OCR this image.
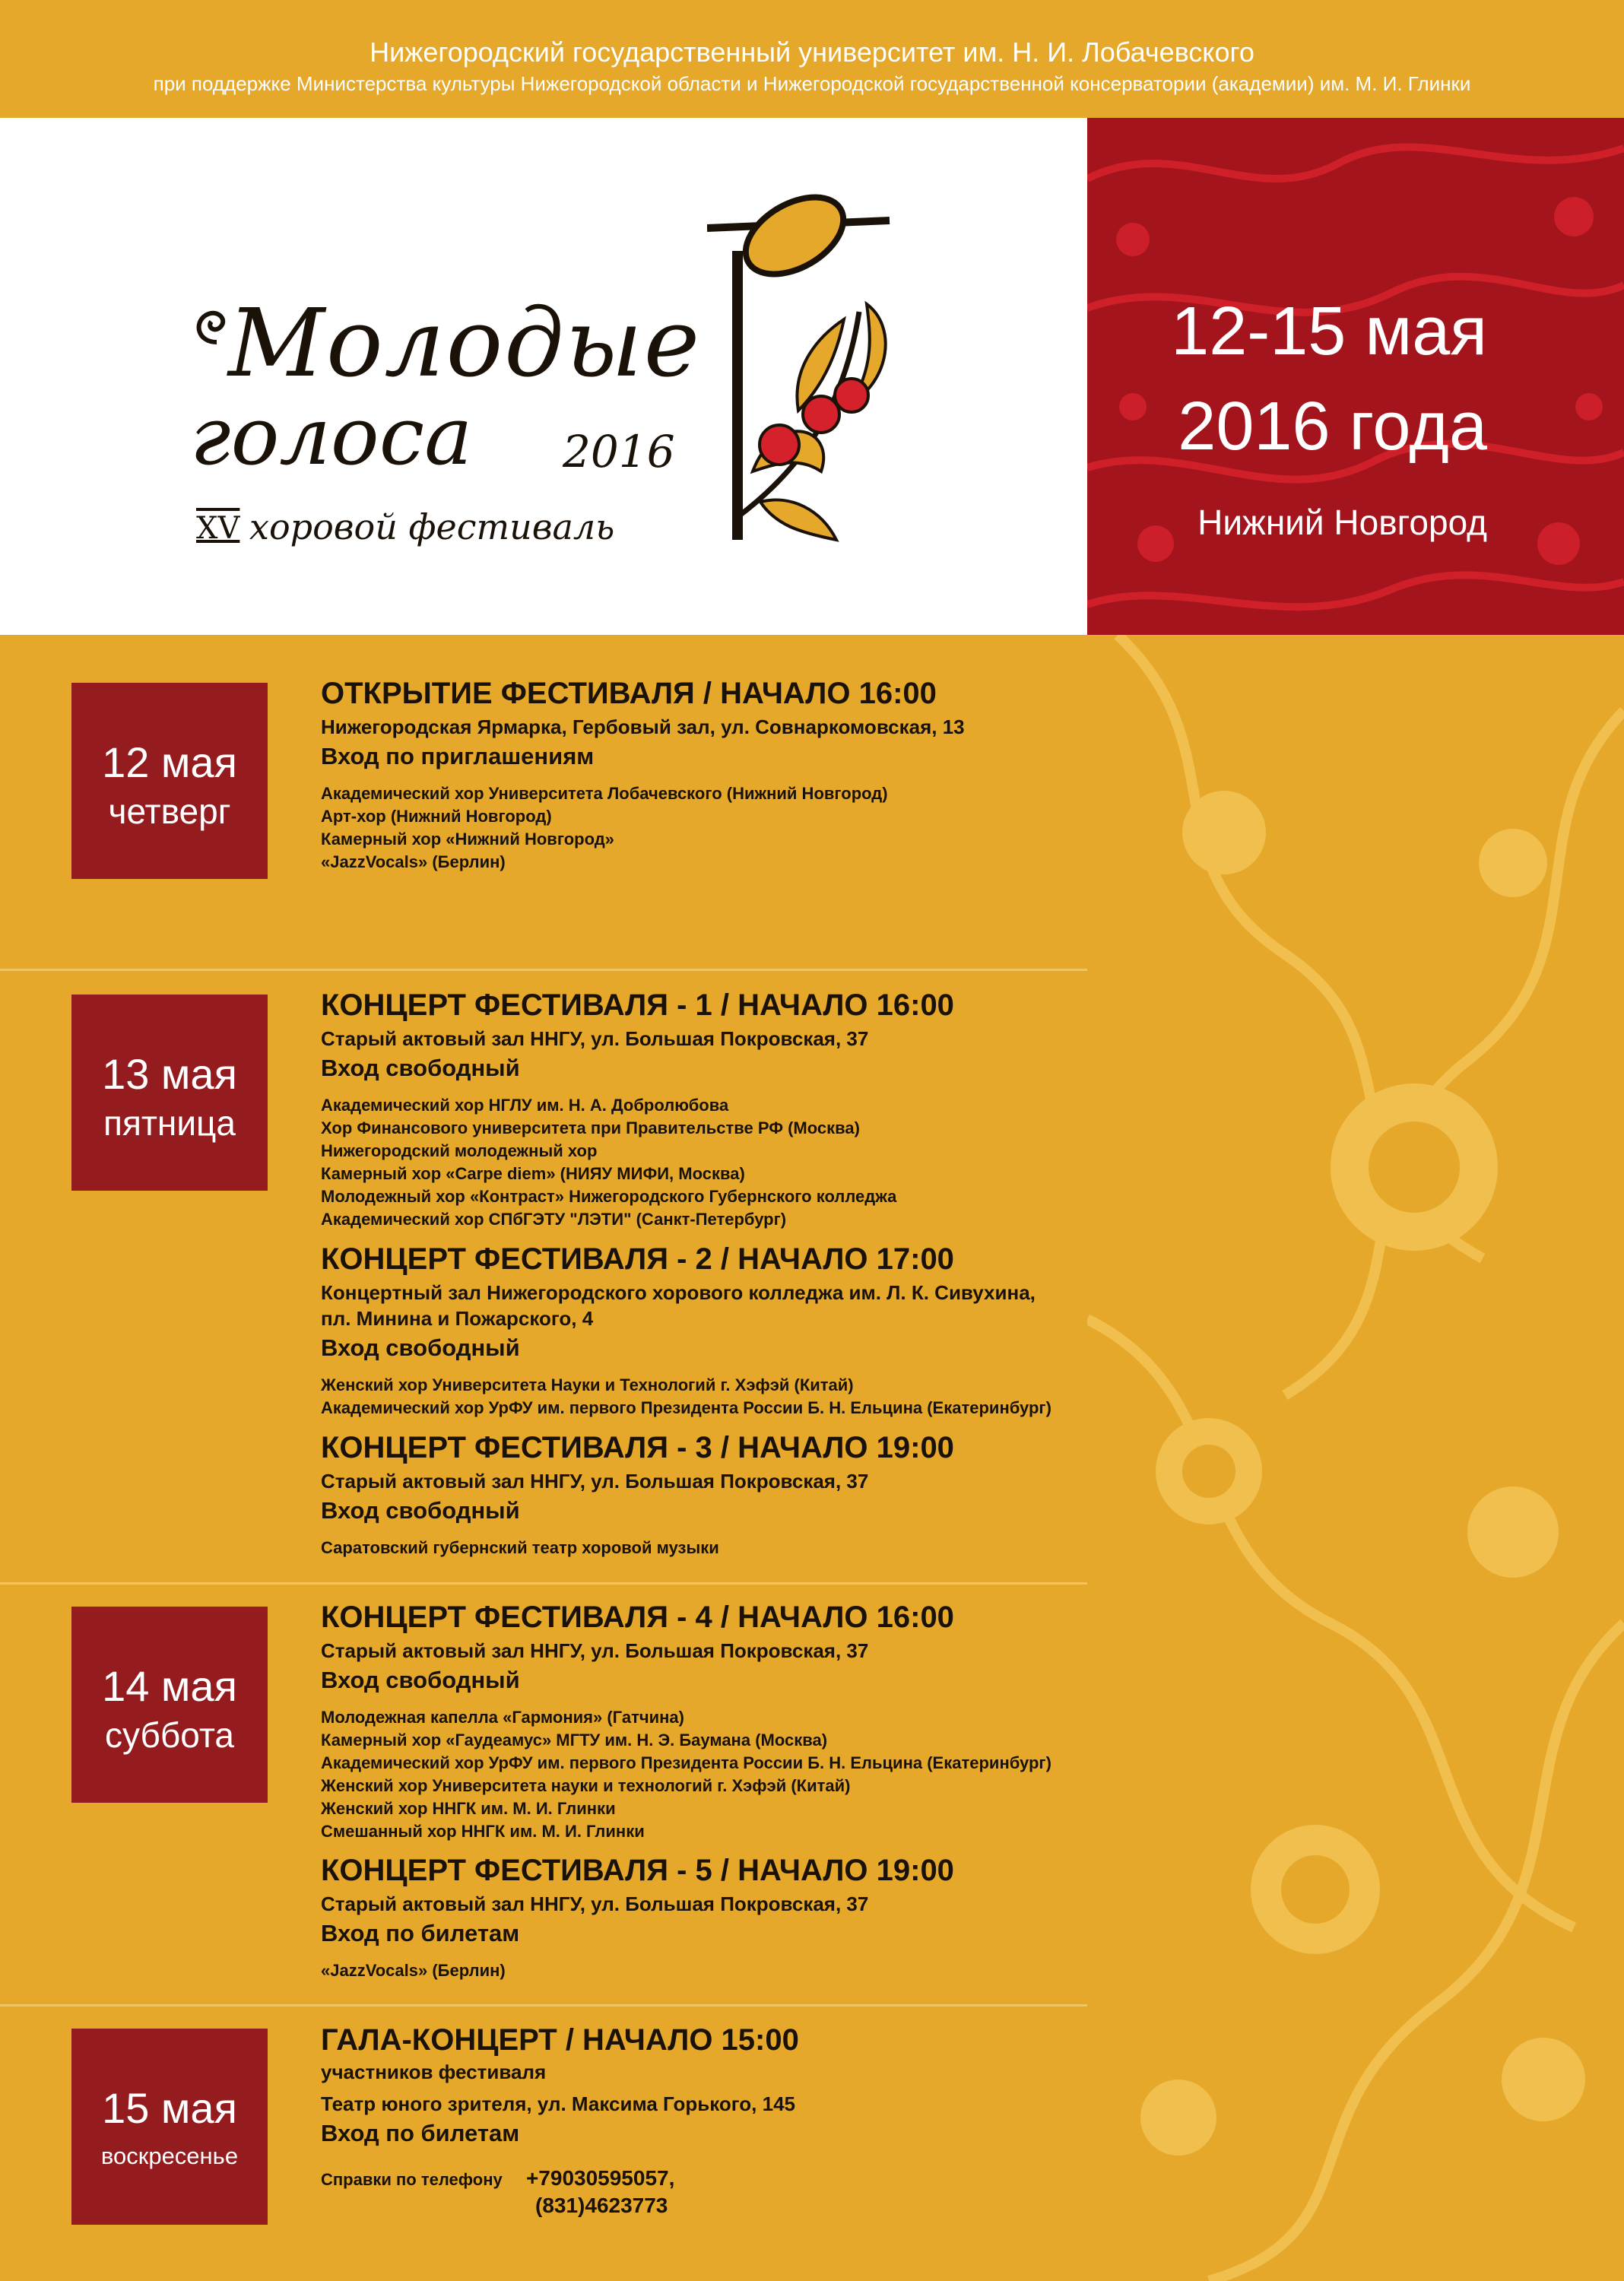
Нижегородский государственный университет им. Н. И. Лобачевского
при поддержке Министерства культуры Нижегородской области и Нижегородской государственной консерватории (академии) им. М. И. Глинки
Молодые
голоса 2016
XV хоровой фестиваль
12-15 мая
2016 года
Нижний Новгород
12 мая
четверг
ОТКРЫТИЕ ФЕСТИВАЛЯ / НАЧАЛО 16:00
Нижегородская Ярмарка, Гербовый зал, ул. Совнаркомовская, 13
Вход по приглашениям
Академический хор Университета Лобачевского (Нижний Новгород)
Арт-хор (Нижний Новгород)
Камерный хор «Нижний Новгород»
«JazzVocals» (Берлин)
13 мая
пятница
КОНЦЕРТ ФЕСТИВАЛЯ - 1 / НАЧАЛО 16:00
Старый актовый зал ННГУ, ул. Большая Покровская, 37
Вход свободный
Академический хор НГЛУ им. Н. А. Добролюбова
Хор Финансового университета при Правительстве РФ (Москва)
Нижегородский молодежный хор
Камерный хор «Carpe diem» (НИЯУ МИФИ, Москва)
Молодежный хор «Контраст» Нижегородского Губернского колледжа
Академический хор СПбГЭТУ "ЛЭТИ" (Санкт-Петербург)
КОНЦЕРТ ФЕСТИВАЛЯ - 2 / НАЧАЛО 17:00
Концертный зал Нижегородского хорового колледжа им. Л. К. Сивухина,
пл. Минина и Пожарского, 4
Вход свободный
Женский хор Университета Науки и Технологий г. Хэфэй (Китай)
Академический хор УрФУ им. первого Президента России Б. Н. Ельцина (Екатеринбург)
КОНЦЕРТ ФЕСТИВАЛЯ - 3 / НАЧАЛО 19:00
Старый актовый зал ННГУ, ул. Большая Покровская, 37
Вход свободный
Саратовский губернский театр хоровой музыки
14 мая
суббота
КОНЦЕРТ ФЕСТИВАЛЯ - 4 / НАЧАЛО 16:00
Старый актовый зал ННГУ, ул. Большая Покровская, 37
Вход свободный
Молодежная капелла «Гармония» (Гатчина)
Камерный хор «Гаудеамус» МГТУ им. Н. Э. Баумана (Москва)
Академический хор УрФУ им. первого Президента России Б. Н. Ельцина (Екатеринбург)
Женский хор Университета науки и технологий г. Хэфэй (Китай)
Женский хор ННГК им. М. И. Глинки
Смешанный хор ННГК им. М. И. Глинки
КОНЦЕРТ ФЕСТИВАЛЯ - 5 / НАЧАЛО 19:00
Старый актовый зал ННГУ, ул. Большая Покровская, 37
Вход по билетам
«JazzVocals» (Берлин)
15 мая
воскресенье
ГАЛА-КОНЦЕРТ / НАЧАЛО 15:00
участников фестиваля
Театр юного зрителя, ул. Максима Горького, 145
Вход по билетам
Справки по телефону +79030595057,
(831)4623773
